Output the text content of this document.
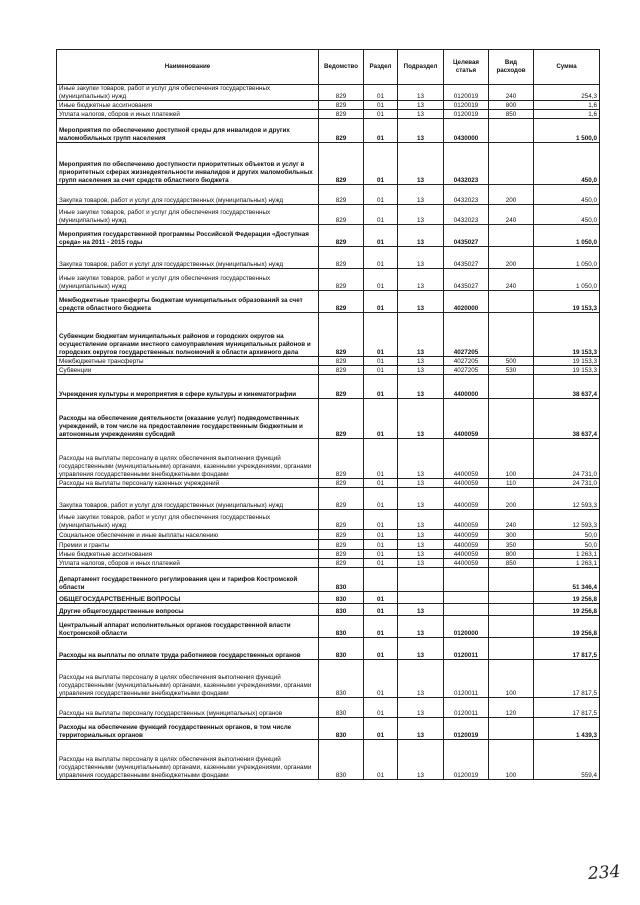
Наименование	Ведомство	Раздел	Подраздел	Целевая статья	Вид расходов	Сумма
Иные закупки товаров, работ и услуг для обеспечения государственных (муниципальных) нужд	829	01	13	0120019	240	254,3
Иные бюджетные ассигнования	829	01	13	0120019	800	1,6
Уплата налогов, сборов и иных платежей	829	01	13	0120019	850	1,6
Мероприятия по обеспечению доступной среды для инвалидов и других маломобильных групп населения	829	01	13	0430000		1 500,0
Мероприятия по обеспечению доступности приоритетных объектов и услуг в приоритетных сферах жизнедеятельности инвалидов и других маломобильных групп населения за счет средств областного бюджета	829	01	13	0432023		450,0
Закупка товаров, работ и услуг для государственных (муниципальных) нужд	829	01	13	0432023	200	450,0
Иные закупки товаров, работ и услуг для обеспечения государственных (муниципальных) нужд	829	01	13	0432023	240	450,0
Мероприятия государственной программы Российской Федерации «Доступная среда» на 2011 - 2015 годы	829	01	13	0435027		1 050,0
Закупка товаров, работ и услуг для государственных (муниципальных) нужд	829	01	13	0435027	200	1 050,0
Иные закупки товаров, работ и услуг для обеспечения государственных (муниципальных) нужд	829	01	13	0435027	240	1 050,0
Межбюджетные трансферты бюджетам муниципальных образований за счет средств областного бюджета	829	01	13	4020000		19 153,3
Субвенции бюджетам муниципальных районов и городских округов на осуществление органами местного самоуправления муниципальных районов и городских округов государственных полномочий в области архивного дела	829	01	13	4027205		19 153,3
Межбюджетные трансферты	829	01	13	4027205	500	19 153,3
Субвенции	829	01	13	4027205	530	19 153,3
Учреждения культуры и мероприятия в сфере культуры и кинематографии	829	01	13	4400000		38 637,4
Расходы на обеспечение деятельности (оказание услуг) подведомственных учреждений, в том числе на предоставление государственным бюджетным и автономным учреждениям субсидий	829	01	13	4400059		38 637,4
Расходы на выплаты персоналу в целях обеспечения выполнения функций государственными (муниципальными) органами, казенными учреждениями, органами управления государственными внебюджетными фондами	829	01	13	4400059	100	24 731,0
Расходы на выплаты персоналу казенных учреждений	829	01	13	4400059	110	24 731,0
Закупка товаров, работ и услуг для государственных (муниципальных) нужд	829	01	13	4400059	200	12 593,3
Иные закупки товаров, работ и услуг для обеспечения государственных (муниципальных) нужд	829	01	13	4400059	240	12 593,3
Социальное обеспечение и иные выплаты населению	829	01	13	4400059	300	50,0
Премии и гранты	829	01	13	4400059	350	50,0
Иные бюджетные ассигнования	829	01	13	4400059	800	1 263,1
Уплата налогов, сборов и иных платежей	829	01	13	4400059	850	1 263,1
Департамент государственного регулирования цен и тарифов Костромской области	830					51 346,4
ОБЩЕГОСУДАРСТВЕННЫЕ ВОПРОСЫ	830	01				19 256,8
Другие общегосударственные вопросы	830	01	13			19 256,8
Центральный аппарат исполнительных органов государственной власти Костромской области	830	01	13	0120000		19 256,8
Расходы на выплаты по оплате труда работников государственных органов	830	01	13	0120011		17 817,5
Расходы на выплаты персоналу в целях обеспечения выполнения функций государственными (муниципальными) органами, казенными учреждениями, органами управления государственными внебюджетными фондами	830	01	13	0120011	100	17 817,5
Расходы на выплаты персоналу государственных (муниципальных) органов	830	01	13	0120011	120	17 817,5
Расходы на обеспечение функций государственных органов, в том числе территориальных органов	830	01	13	0120019		1 439,3
Расходы на выплаты персоналу в целях обеспечения выполнения функций государственными (муниципальными) органами, казенными учреждениями, органами управления государственными внебюджетными фондами	830	01	13	0120019	100	559,4
234
